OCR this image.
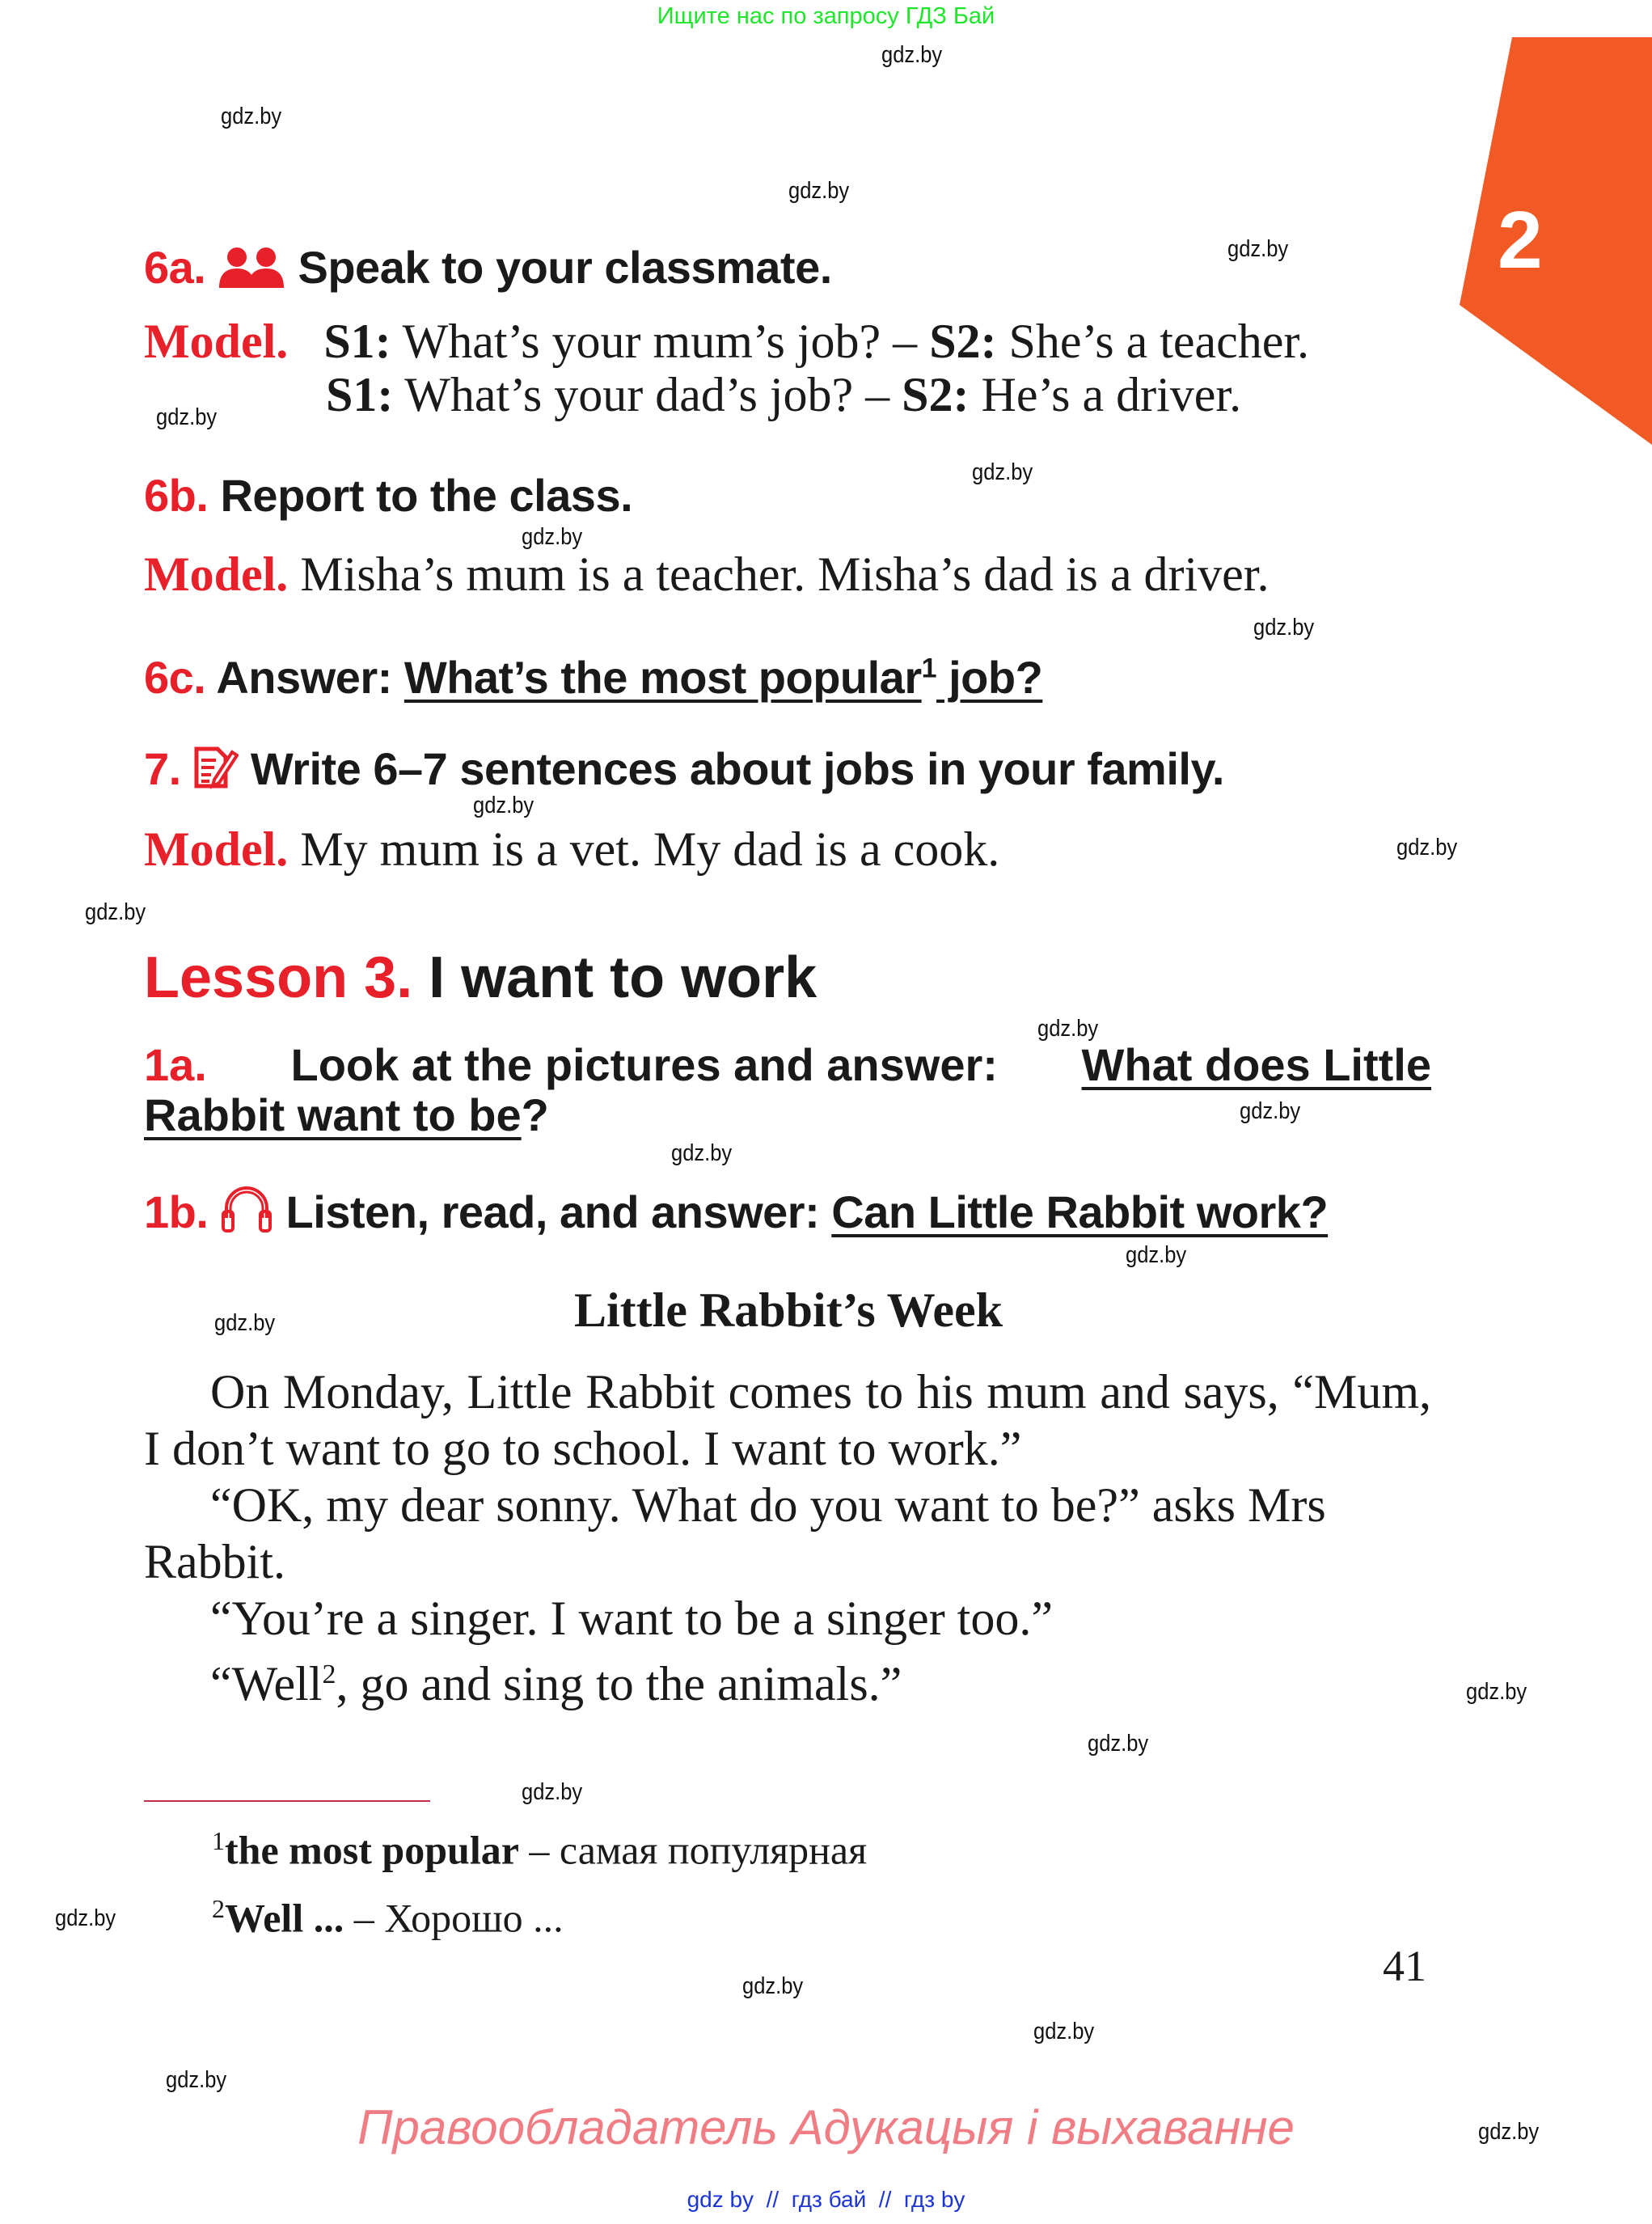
Ищите нас по запросу ГДЗ Бай
2
6a. Speak to your classmate.
Model. S1: What’s your mum’s job? – S2: She’s a teacher.
S1: What’s your dad’s job? – S2: He’s a driver.
6b. Report to the class.
Model. Misha’s mum is a teacher. Misha’s dad is a driver.
6c. Answer: What’s the most popular$^1$ job?
7. Write 6–7 sentences about jobs in your family.
Model. My mum is a vet. My dad is a cook.
Lesson 3. I want to work
1a. Look at the pictures and answer: What does Little
Rabbit want to be?
1b. Listen, read, and answer: Can Little Rabbit work?
Little Rabbit’s Week

On Monday, Little Rabbit comes to his mum and says, “Mum, I don’t want to go to school. I want to work.”

“OK, my dear sonny. What do you want to be?” asks Mrs Rabbit.

“You’re a singer. I want to be a singer too.”

“Well$^2$, go and sing to the animals.”

$^1$the most popular – самая популярная
$^2$Well ... – Хорошо ...
41
Правообладатель Адукацыя і выхаванне
gdz by  //  гдз бай  //  гдз by
gdz.by
gdz.by
gdz.by
gdz.by
gdz.by
gdz.by
gdz.by
gdz.by
gdz.by
gdz.by
gdz.by
gdz.by
gdz.by
gdz.by
gdz.by
gdz.by
gdz.by
gdz.by
gdz.by
gdz.by
gdz.by
gdz.by
gdz.by
gdz.by
